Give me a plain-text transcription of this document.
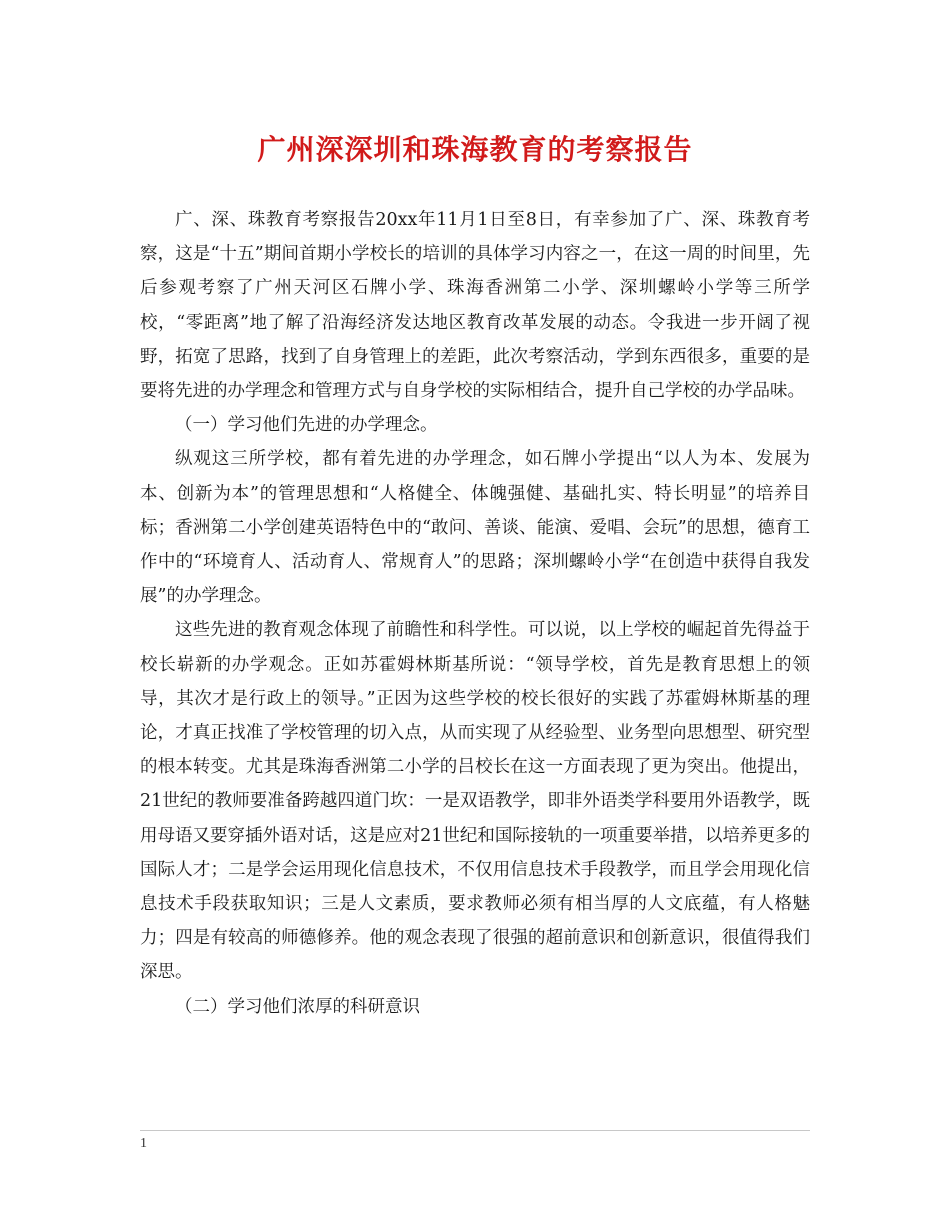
广州深深圳和珠海教育的考察报告

广、深、珠教育考察报告20xx年11月1日至8日，有幸参加了广、深、珠教育考察，这是“十五”期间首期小学校长的培训的具体学习内容之一，在这一周的时间里，先后参观考察了广州天河区石牌小学、珠海香洲第二小学、深圳螺岭小学等三所学校，“零距离”地了解了沿海经济发达地区教育改革发展的动态。令我进一步开阔了视野，拓宽了思路，找到了自身管理上的差距，此次考察活动，学到东西很多，重要的是要将先进的办学理念和管理方式与自身学校的实际相结合，提升自己学校的办学品味。

（一）学习他们先进的办学理念。

纵观这三所学校，都有着先进的办学理念，如石牌小学提出“以人为本、发展为本、创新为本”的管理思想和“人格健全、体魄强健、基础扎实、特长明显”的培养目标；香洲第二小学创建英语特色中的“敢问、善谈、能演、爱唱、会玩”的思想，德育工作中的“环境育人、活动育人、常规育人”的思路；深圳螺岭小学“在创造中获得自我发展”的办学理念。

这些先进的教育观念体现了前瞻性和科学性。可以说，以上学校的崛起首先得益于校长崭新的办学观念。正如苏霍姆林斯基所说：“领导学校，首先是教育思想上的领导，其次才是行政上的领导。”正因为这些学校的校长很好的实践了苏霍姆林斯基的理论，才真正找准了学校管理的切入点，从而实现了从经验型、业务型向思想型、研究型的根本转变。尤其是珠海香洲第二小学的吕校长在这一方面表现了更为突出。他提出，21世纪的教师要准备跨越四道门坎：一是双语教学，即非外语类学科要用外语教学，既用母语又要穿插外语对话，这是应对21世纪和国际接轨的一项重要举措，以培养更多的国际人才；二是学会运用现化信息技术，不仅用信息技术手段教学，而且学会用现化信息技术手段获取知识；三是人文素质，要求教师必须有相当厚的人文底蕴，有人格魅力；四是有较高的师德修养。他的观念表现了很强的超前意识和创新意识，很值得我们深思。

（二）学习他们浓厚的科研意识

1
